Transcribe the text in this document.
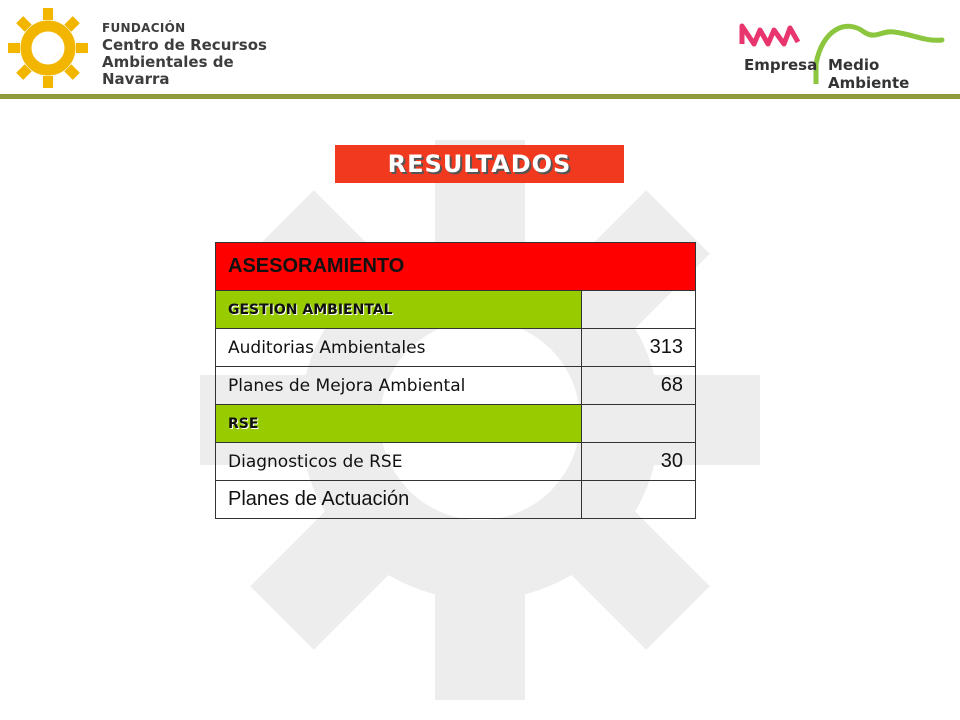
FUNDACIÓN
Centro de Recursos
Ambientales de Navarra
Empresa Medio Ambiente
RESULTADOS
ASESORAMIENTO	
GESTION AMBIENTAL	
Auditorias Ambientales	313
Planes de Mejora Ambiental	68
RSE	
Diagnosticos de RSE	30
Planes de Actuación	
